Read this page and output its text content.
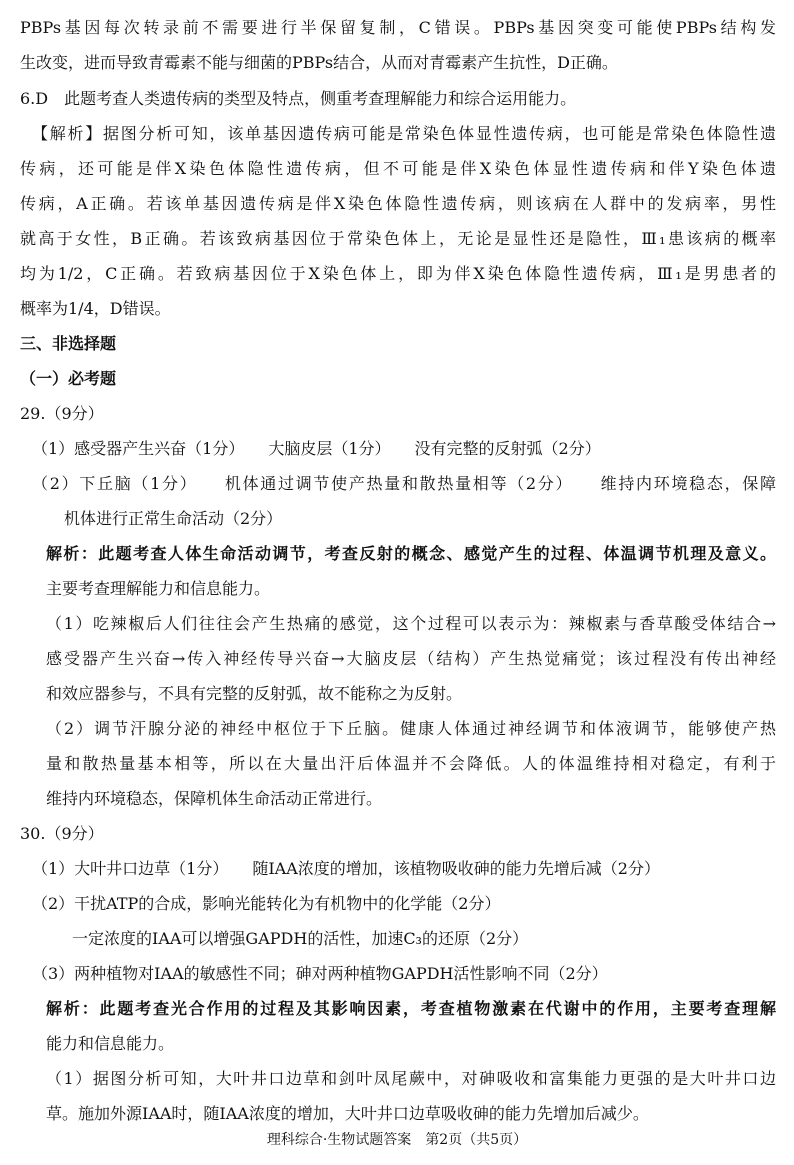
PBPs基因每次转录前不需要进行半保留复制，C错误。PBPs基因突变可能使PBPs结构发
生改变，进而导致青霉素不能与细菌的PBPs结合，从而对青霉素产生抗性，D正确。
6.D　此题考查人类遗传病的类型及特点，侧重考查理解能力和综合运用能力。
【解析】据图分析可知，该单基因遗传病可能是常染色体显性遗传病，也可能是常染色体隐性遗
传病，还可能是伴X染色体隐性遗传病，但不可能是伴X染色体显性遗传病和伴Y染色体遗
传病，A正确。若该单基因遗传病是伴X染色体隐性遗传病，则该病在人群中的发病率，男性
就高于女性，B正确。若该致病基因位于常染色体上，无论是显性还是隐性，Ⅲ₁患该病的概率
均为1/2，C正确。若致病基因位于X染色体上，即为伴X染色体隐性遗传病，Ⅲ₁是男患者的
概率为1/4，D错误。
三、非选择题
（一）必考题
29.（9分）
（1）感受器产生兴奋（1分）　　大脑皮层（1分）　　没有完整的反射弧（2分）
（2）下丘脑（1分）　　机体通过调节使产热量和散热量相等（2分）　　维持内环境稳态，保障
机体进行正常生命活动（2分）
解析：此题考查人体生命活动调节，考查反射的概念、感觉产生的过程、体温调节机理及意义。
主要考查理解能力和信息能力。
（1）吃辣椒后人们往往会产生热痛的感觉，这个过程可以表示为：辣椒素与香草酸受体结合→
感受器产生兴奋→传入神经传导兴奋→大脑皮层（结构）产生热觉痛觉；该过程没有传出神经
和效应器参与，不具有完整的反射弧，故不能称之为反射。
（2）调节汗腺分泌的神经中枢位于下丘脑。健康人体通过神经调节和体液调节，能够使产热
量和散热量基本相等，所以在大量出汗后体温并不会降低。人的体温维持相对稳定，有利于
维持内环境稳态，保障机体生命活动正常进行。
30.（9分）
（1）大叶井口边草（1分）　　随IAA浓度的增加，该植物吸收砷的能力先增后减（2分）
（2）干扰ATP的合成，影响光能转化为有机物中的化学能（2分）
一定浓度的IAA可以增强GAPDH的活性，加速C₃的还原（2分）
（3）两种植物对IAA的敏感性不同；砷对两种植物GAPDH活性影响不同（2分）
解析：此题考查光合作用的过程及其影响因素，考查植物激素在代谢中的作用，主要考查理解
能力和信息能力。
（1）据图分析可知，大叶井口边草和剑叶凤尾蕨中，对砷吸收和富集能力更强的是大叶井口边
草。施加外源IAA时，随IAA浓度的增加，大叶井口边草吸收砷的能力先增加后减少。
理科综合·生物试题答案　第2页（共5页）
